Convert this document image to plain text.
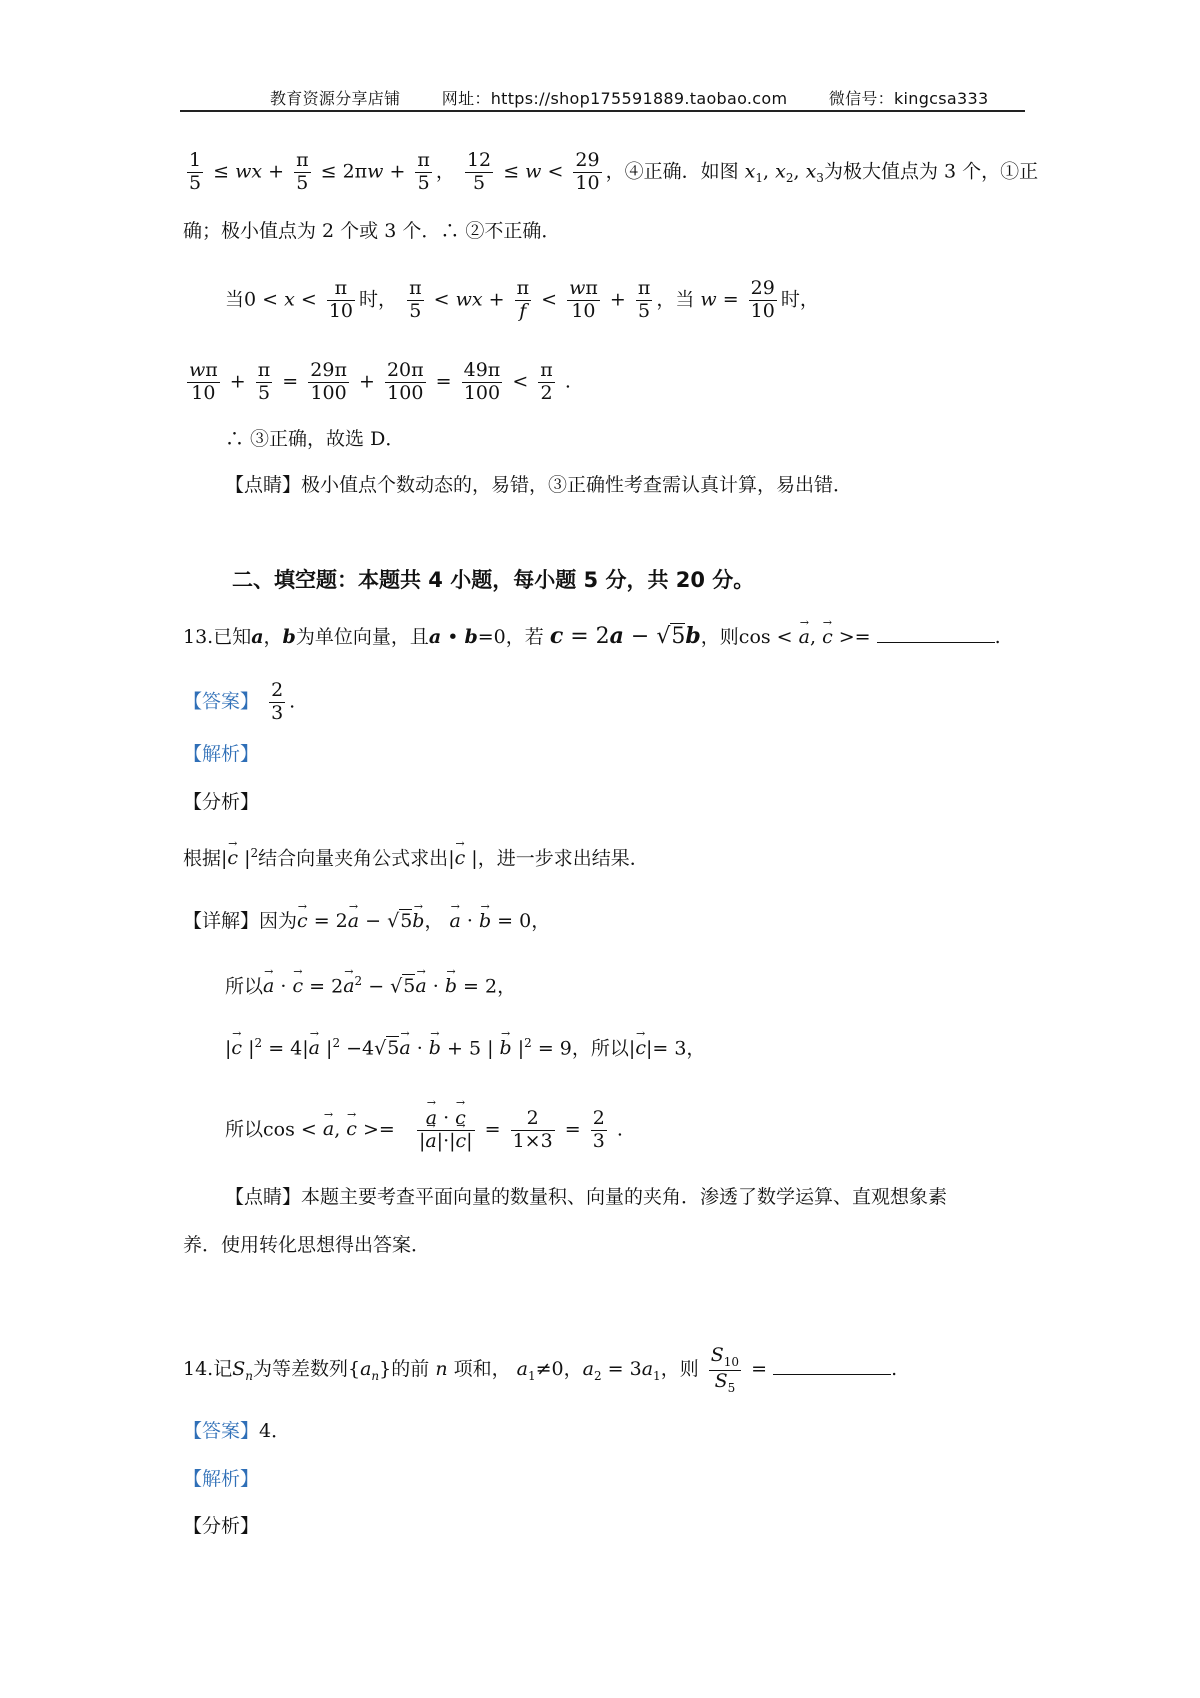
教育资源分享店铺	网址：https://shop175591889.taobao.com	微信号：kingcsa333
$\frac{1}{5}$ ≤ wx + $\frac{\pi}{5} \le 2\pi w + \frac{\pi}{5}$ ， $\frac{12}{5} \le w < \frac{29}{10}$ ，④正确．如图 $x_1$, $x_2$, $x_3$为极大值点为 3 个，①正
确；极小值点为 2 个或 3 个．∴ ②不正确．
当$0 < x < \frac{\pi}{10}$ 时， $\frac{\pi}{5}$ < wx + $\frac{\pi}{f} < \frac{w\pi}{10} + \frac{\pi}{5}$ ，当 $w = \frac{29}{10}$ 时，
$\frac{w\pi}{10} + \frac{\pi}{5} = \frac{29\pi}{100} + \frac{20\pi}{100} = \frac{49\pi}{100} < \frac{\pi}{2}$ .
∴ ③正确，故选 D．
【点睛】极小值点个数动态的，易错，③正确性考查需认真计算，易出错．
二、填空题：本题共 4 小题，每小题 5 分，共 20 分。
13.已知a，b为单位向量，且a • b=0，若 c = 2a − √5b，则cos < → a, → c >=	.
【答案】 $\frac{2}{3}$ .
【解析】
【分析】
根据|→ c $|^2$结合向量夹角公式求出|→ c |，进一步求出结果．
【详解】因为→ c = 2→ a − √5→ b， → a · → b = 0，
所以→ a · → $c = 2\to a^2 - √5\to a$ · → b = 2，
|→ c $|^2 = 4|\to a$ $|^2 -4√5\to a$ · → b + 5 | → b $|^2 = 9$，所以|→ c|= 3，
所以cos < → a, → c >=
→ $\frac{a \cdot \to c}{|\to a|\cdot|\to c|} = \frac{2}{1\times 3} = \frac{2}{3}$ .
【点睛】本题主要考查平面向量的数量积、向量的夹角．渗透了数学运算、直观想象素
养．使用转化思想得出答案．
14.记$S_n$为等差数列$\{a_n\}$的前 n 项和， $a_1\ne 0$，$a_2 = 3a_1$，则 $\frac{S_{10}}{S_5}$ =	.
【答案】4．
【解析】
【分析】
